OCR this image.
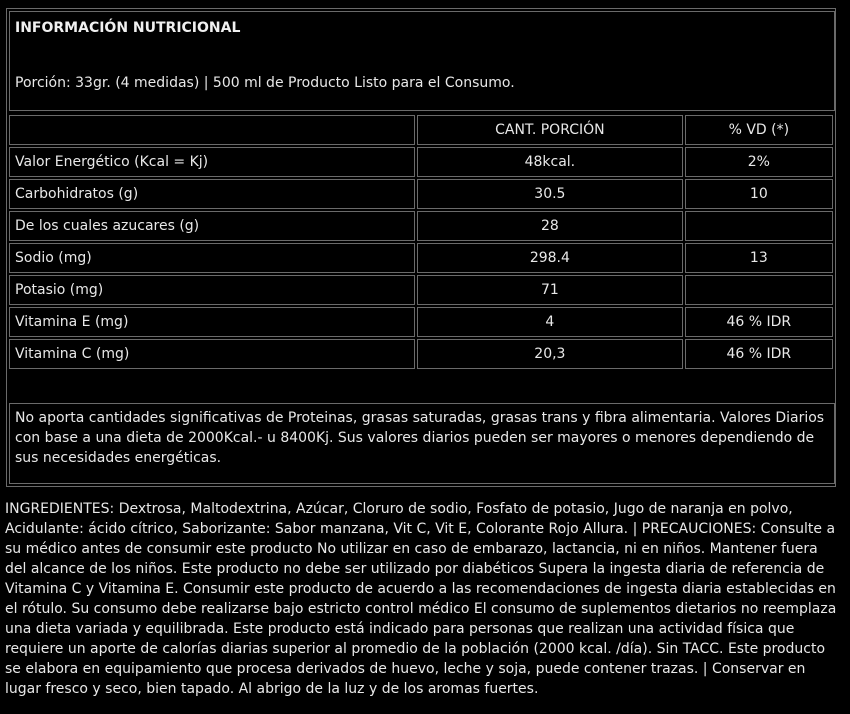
INFORMACIÓN NUTRICIONAL
Porción: 33gr. (4 medidas) | 500 ml de Producto Listo para el Consumo.
	CANT. PORCIÓN	% VD (*)
Valor Energético (Kcal = Kj)	48kcal.	2%
Carbohidratos (g)	30.5	10
De los cuales azucares (g)	28	
Sodio (mg)	298.4	13
Potasio (mg)	71	
Vitamina E (mg)	4	46 % IDR
Vitamina C (mg)	20,3	46 % IDR
No aporta cantidades significativas de Proteinas, grasas saturadas, grasas trans y fibra alimentaria. Valores Diarios con base a una dieta de 2000Kcal.- u 8400Kj. Sus valores diarios pueden ser mayores o menores dependiendo de sus necesidades energéticas.
INGREDIENTES: Dextrosa, Maltodextrina, Azúcar, Cloruro de sodio, Fosfato de potasio, Jugo de naranja en polvo, Acidulante: ácido cítrico, Saborizante: Sabor manzana, Vit C, Vit E, Colorante Rojo Allura. | PRECAUCIONES: Consulte a su médico antes de consumir este producto No utilizar en caso de embarazo, lactancia, ni en niños. Mantener fuera del alcance de los niños. Este producto no debe ser utilizado por diabéticos Supera la ingesta diaria de referencia de Vitamina C y Vitamina E. Consumir este producto de acuerdo a las recomendaciones de ingesta diaria establecidas en el rótulo. Su consumo debe realizarse bajo estricto control médico El consumo de suplementos dietarios no reemplaza una dieta variada y equilibrada. Este producto está indicado para personas que realizan una actividad física que requiere un aporte de calorías diarias superior al promedio de la población (2000 kcal. /día). Sin TACC. Este producto se elabora en equipamiento que procesa derivados de huevo, leche y soja, puede contener trazas. | Conservar en lugar fresco y seco, bien tapado. Al abrigo de la luz y de los aromas fuertes.
